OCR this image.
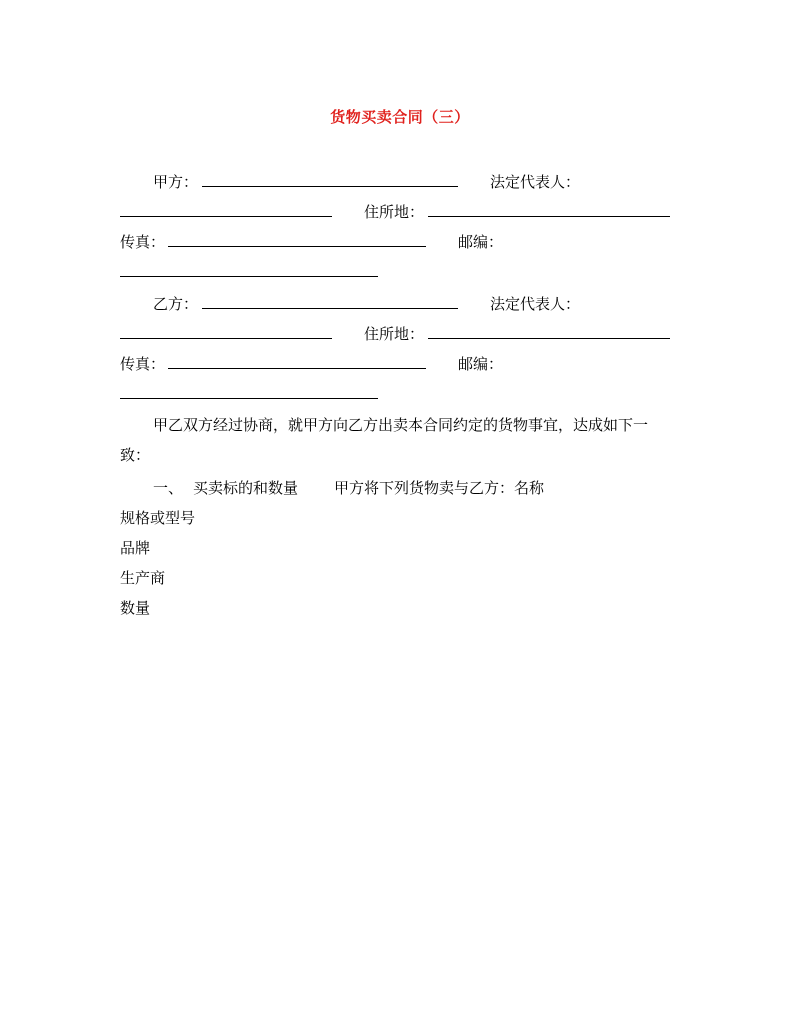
货物买卖合同（三）
甲方：	法定代表人：
住所地：
传真：	邮编：
乙方：	法定代表人：
住所地：
传真：	邮编：
甲乙双方经过协商，就甲方向乙方出卖本合同约定的货物事宜，达成如下一
致：
一、 买卖标的和数量 甲方将下列货物卖与乙方：名称
规格或型号
品牌
生产商
数量
